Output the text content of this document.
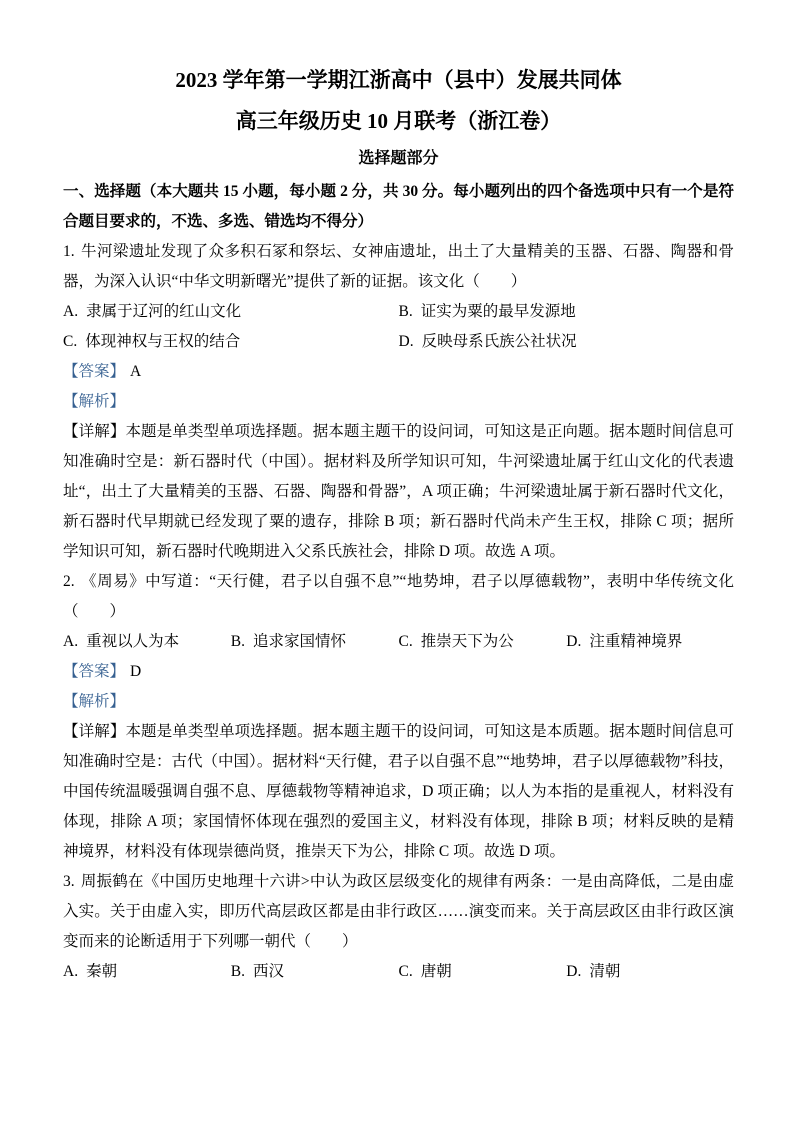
2023 学年第一学期江浙高中（县中）发展共同体
高三年级历史 10 月联考（浙江卷）
选择题部分

一、选择题（本大题共 15 小题，每小题 2 分，共 30 分。每小题列出的四个备选项中只有一个是符合题目要求的，不选、多选、错选均不得分）

1. 牛河梁遗址发现了众多积石冢和祭坛、女神庙遗址，出土了大量精美的玉器、石器、陶器和骨器，为深入认识“中华文明新曙光”提供了新的证据。该文化（　　）

A. 隶属于辽河的红山文化	B. 证实为粟的最早发源地
C. 体现神权与王权的结合	D. 反映母系氏族公社状况

【答案】 A

【解析】

【详解】本题是单类型单项选择题。据本题主题干的设问词，可知这是正向题。据本题时间信息可知准确时空是：新石器时代（中国）。据材料及所学知识可知，牛河梁遗址属于红山文化的代表遗址“，出土了大量精美的玉器、石器、陶器和骨器”，A 项正确；牛河梁遗址属于新石器时代文化，新石器时代早期就已经发现了粟的遗存，排除 B 项；新石器时代尚未产生王权，排除 C 项；据所学知识可知，新石器时代晚期进入父系氏族社会，排除 D 项。故选 A 项。

2. 《周易》中写道：“天行健，君子以自强不息”“地势坤，君子以厚德载物”，表明中华传统文化（　　）

A. 重视以人为本	B. 追求家国情怀	C. 推崇天下为公	D. 注重精神境界

【答案】 D

【解析】

【详解】本题是单类型单项选择题。据本题主题干的设问词，可知这是本质题。据本题时间信息可知准确时空是：古代（中国）。据材料“天行健，君子以自强不息”“地势坤，君子以厚德载物”科技，中国传统温暖强调自强不息、厚德载物等精神追求，D 项正确；以人为本指的是重视人，材料没有体现，排除 A 项；家国情怀体现在强烈的爱国主义，材料没有体现，排除 B 项；材料反映的是精神境界，材料没有体现崇德尚贤，推崇天下为公，排除 C 项。故选 D 项。

3. 周振鹤在《中国历史地理十六讲>中认为政区层级变化的规律有两条：一是由高降低，二是由虚入实。关于由虚入实，即历代高层政区都是由非行政区……演变而来。关于高层政区由非行政区演变而来的论断适用于下列哪一朝代（　　）

A. 秦朝	B. 西汉	C. 唐朝	D. 清朝
